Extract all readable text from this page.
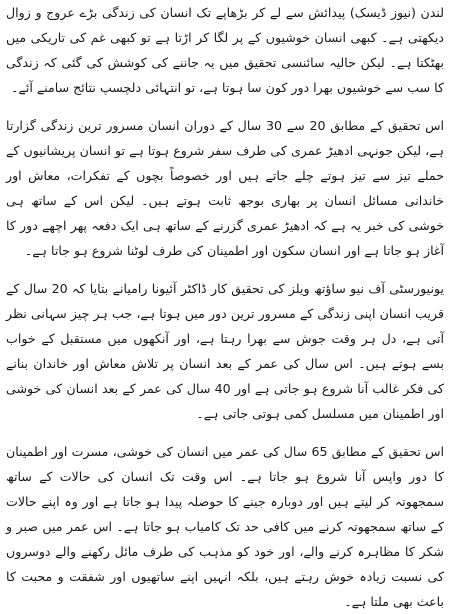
لندن (نیوز ڈیسک) پیدائش سے لے کر بڑھاپے تک انسان کی زندگی بڑے عروج و زوال دیکھتی ہے۔ کبھی انسان خوشیوں کے پر لگا کر اڑتا ہے تو کبھی غم کی تاریکی میں بھٹکتا ہے۔ لیکن حالیہ سائنسی تحقیق میں یہ جاننے کی کوشش کی گئی کہ زندگی کا سب سے خوشیوں بھرا دور کون سا ہوتا ہے، تو انتہائی دلچسپ نتائج سامنے آئے۔

اس تحقیق کے مطابق 20 سے 30 سال کے دوران انسان مسرور ترین زندگی گزارتا ہے، لیکن جونہی ادھیڑ عمری کی طرف سفر شروع ہوتا ہے تو انسان پریشانیوں کے حملے تیز سے تیز ہوتے چلے جاتے ہیں اور خصوصاً بچوں کے تفکرات، معاش اور خاندانی مسائل انسان پر بھاری بوجھ ثابت ہوتے ہیں۔ لیکن اس کے ساتھ ہی خوشی کی خبر یہ ہے کہ ادھیڑ عمری گزرنے کے ساتھ ہی ایک دفعہ پھر اچھے دور کا آغاز ہو جاتا ہے اور انسان سکون اور اطمینان کی طرف لوٹنا شروع ہو جاتا ہے۔

یونیورسٹی آف نیو ساؤتھ ویلز کی تحقیق کار ڈاکٹر آئیونا رامیانے بتایا کہ 20 سال کے قریب انسان اپنی زندگی کے مسرور ترین دور میں ہوتا ہے، جب ہر چیز سہانی نظر آتی ہے، دل ہر وقت جوش سے بھرا رہتا ہے، اور آنکھوں میں مستقبل کے خواب بسے ہوتے ہیں۔ اس سال کی عمر کے بعد انسان پر تلاش معاش اور خاندان بنانے کی فکر غالب آنا شروع ہو جاتی ہے اور 40 سال کی عمر کے بعد انسان کی خوشی اور اطمینان میں مسلسل کمی ہوتی جاتی ہے۔

اس تحقیق کے مطابق 65 سال کی عمر میں انسان کی خوشی، مسرت اور اطمینان کا دور واپس آنا شروع ہو جاتا ہے۔ اس وقت تک انسان کی حالات کے ساتھ سمجھوتہ کر لیتے ہیں اور دوبارہ جینے کا حوصلہ پیدا ہو جاتا ہے اور وہ اپنے حالات کے ساتھ سمجھوتہ کرنے میں کافی حد تک کامیاب ہو جاتا ہے۔ اس عمر میں صبر و شکر کا مظاہرہ کرنے والے، اور خود کو مذہب کی طرف مائل رکھنے والے دوسروں کی نسبت زیادہ خوش رہتے ہیں، بلکہ انہیں اپنے ساتھیوں اور شفقت و محبت کا باعث بھی ملتا ہے۔
